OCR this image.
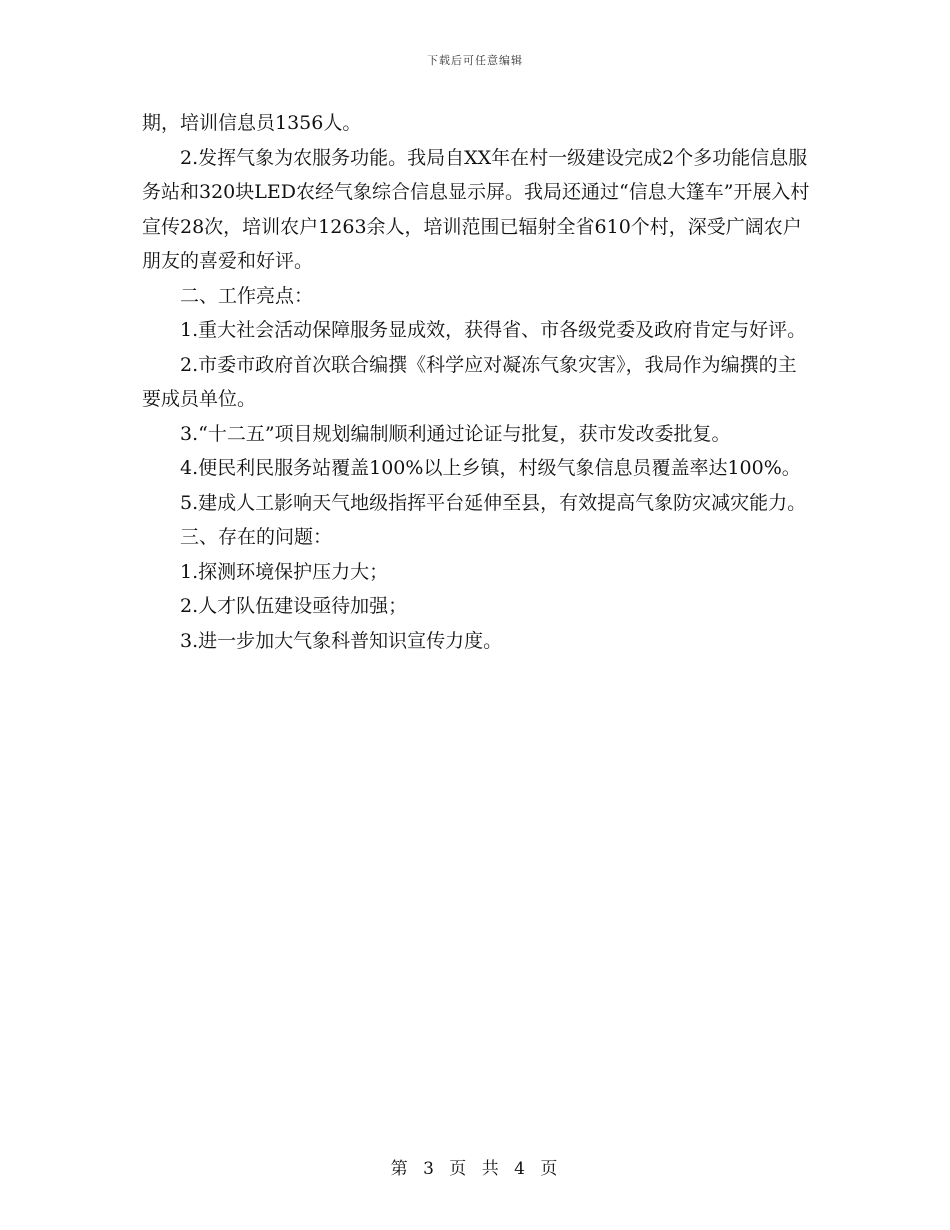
下载后可任意编辑

期，培训信息员1356人。

2.发挥气象为农服务功能。我局自XX年在村一级建设完成2个多功能信息服务站和320块LED农经气象综合信息显示屏。我局还通过“信息大篷车”开展入村宣传28次，培训农户1263余人，培训范围已辐射全省610个村，深受广阔农户朋友的喜爱和好评。

二、工作亮点：

1.重大社会活动保障服务显成效，获得省、市各级党委及政府肯定与好评。

2.市委市政府首次联合编撰《科学应对凝冻气象灾害》，我局作为编撰的主要成员单位。

3.“十二五”项目规划编制顺利通过论证与批复，获市发改委批复。

4.便民利民服务站覆盖100%以上乡镇，村级气象信息员覆盖率达100%。

5.建成人工影响天气地级指挥平台延伸至县，有效提高气象防灾减灾能力。

三、存在的问题：

1.探测环境保护压力大；

2.人才队伍建设亟待加强；

3.进一步加大气象科普知识宣传力度。

第 3 页 共 4 页
